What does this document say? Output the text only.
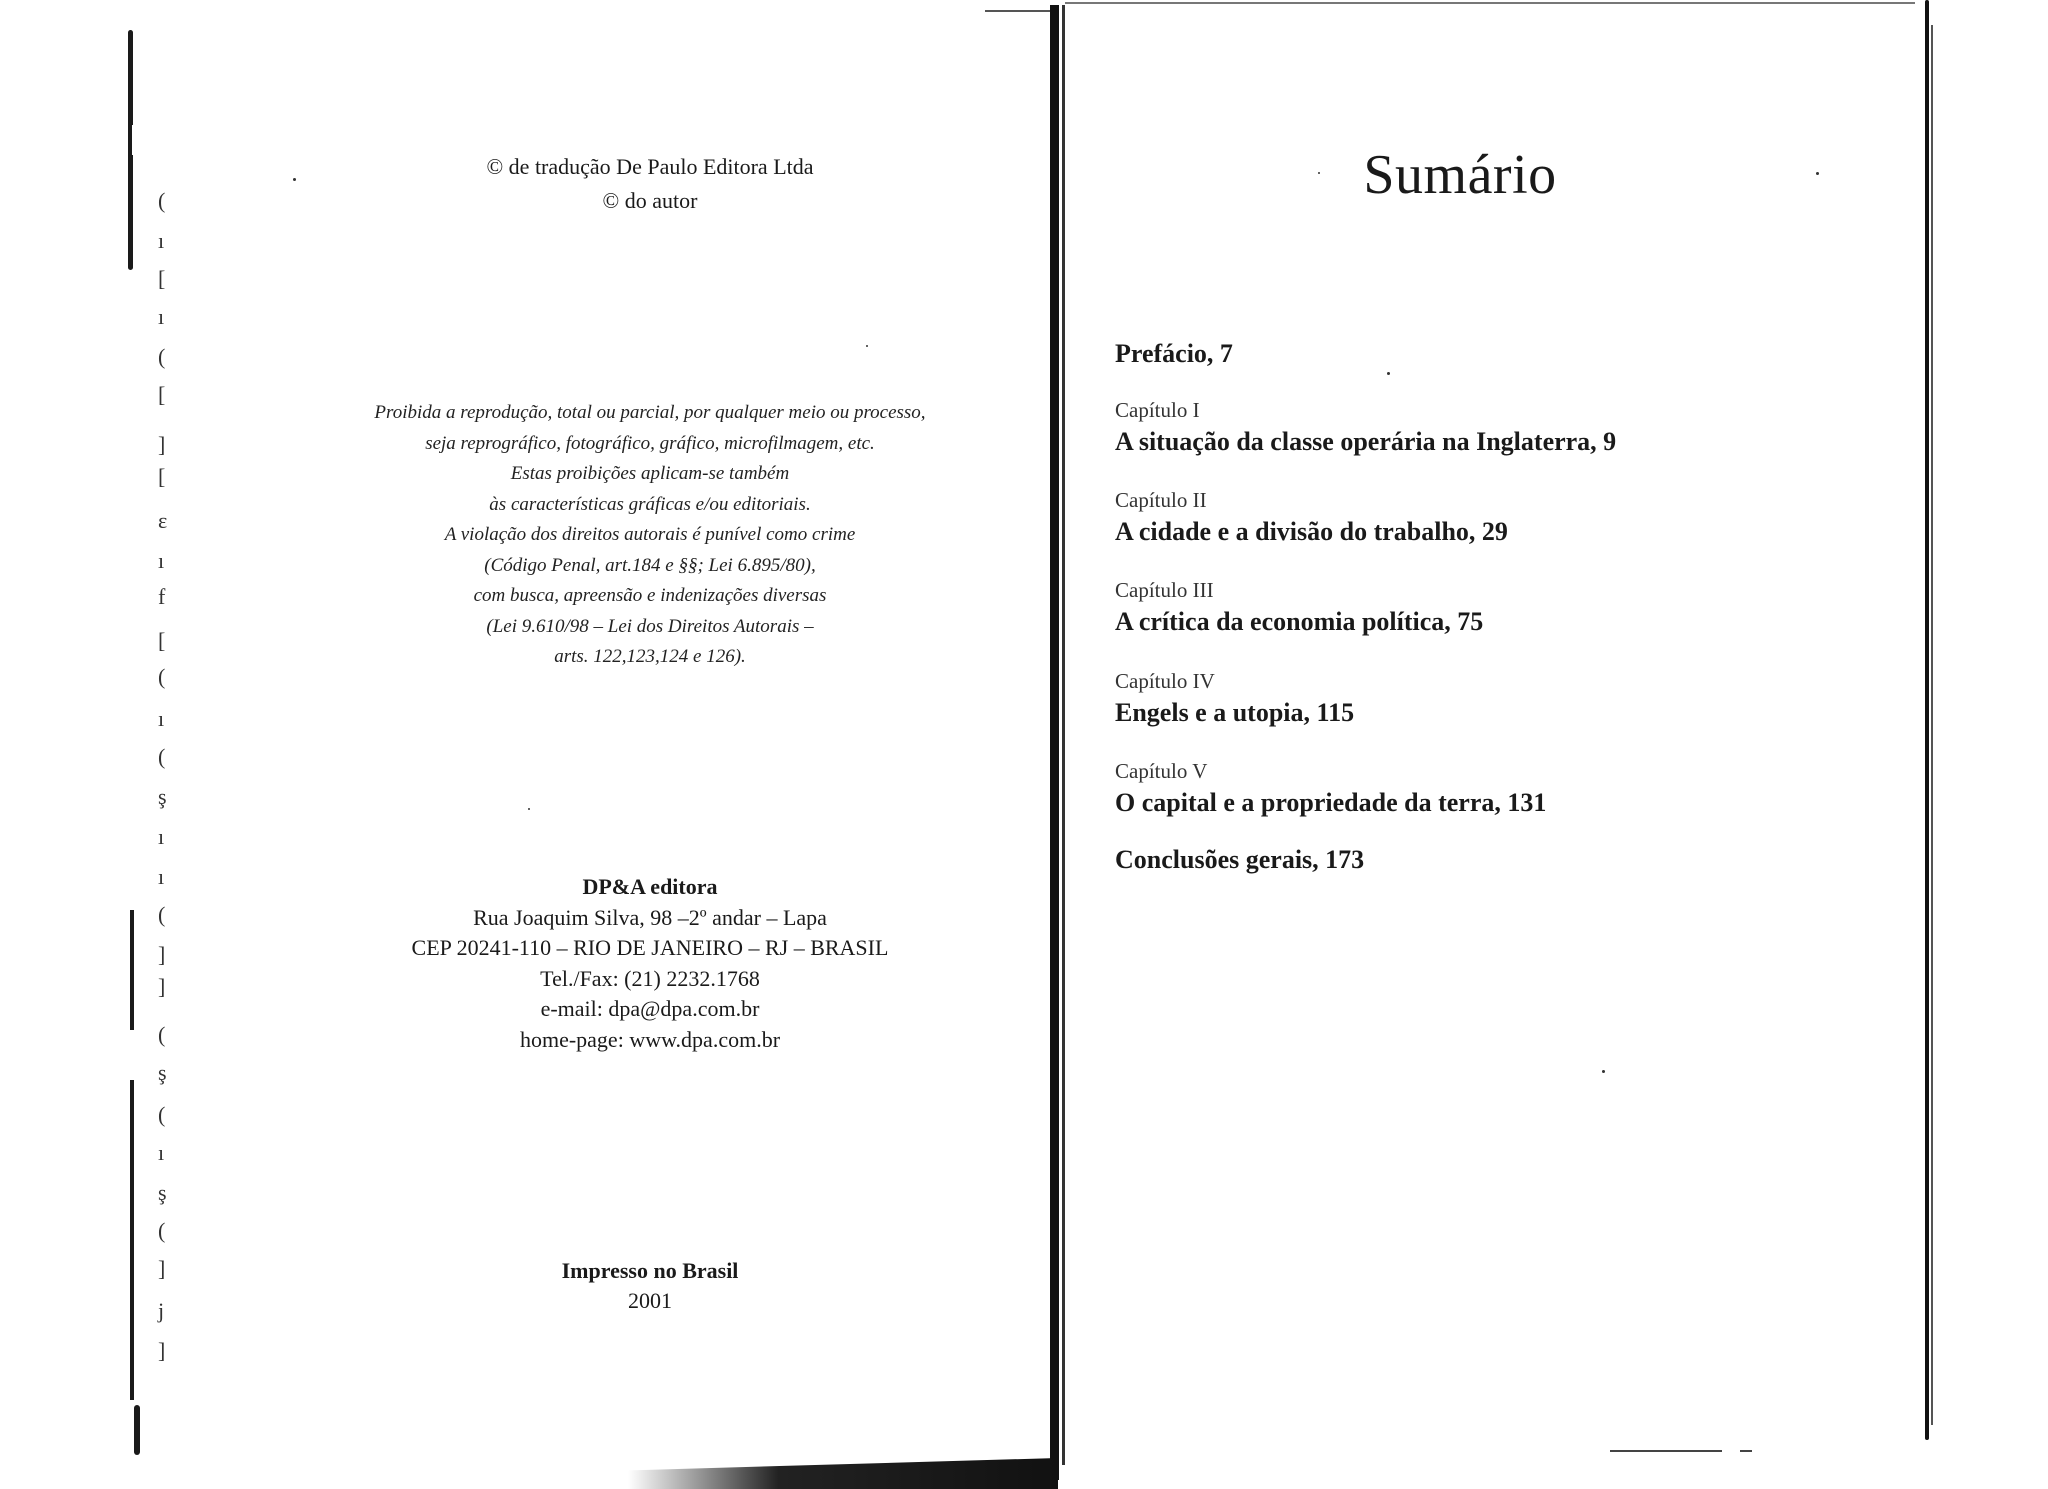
(
ı
[
ı
(
[
]
[
ε
ı
f
[
(
ı
(
ş
ı
ı
(
]
]
(
ş
(
ı
ş
(
]
j
]
© de tradução De Paulo Editora Ltda
© do autor
Proibida a reprodução, total ou parcial, por qualquer meio ou processo,
seja reprográfico, fotográfico, gráfico, microfilmagem, etc.
Estas proibições aplicam-se também
às características gráficas e/ou editoriais.
A violação dos direitos autorais é punível como crime
(Código Penal, art.184 e §§; Lei 6.895/80),
com busca, apreensão e indenizações diversas
(Lei 9.610/98 – Lei dos Direitos Autorais –
arts. 122,123,124 e 126).
DP&A editora
Rua Joaquim Silva, 98 –2º andar – Lapa
CEP 20241-110 – RIO DE JANEIRO – RJ – BRASIL
Tel./Fax: (21) 2232.1768
e-mail: dpa@dpa.com.br
home-page: www.dpa.com.br
Impresso no Brasil
2001
Sumário
Prefácio, 7
Capítulo I
A situação da classe operária na Inglaterra, 9
Capítulo II
A cidade e a divisão do trabalho, 29
Capítulo III
A crítica da economia política, 75
Capítulo IV
Engels e a utopia, 115
Capítulo V
O capital e a propriedade da terra, 131
Conclusões gerais, 173
